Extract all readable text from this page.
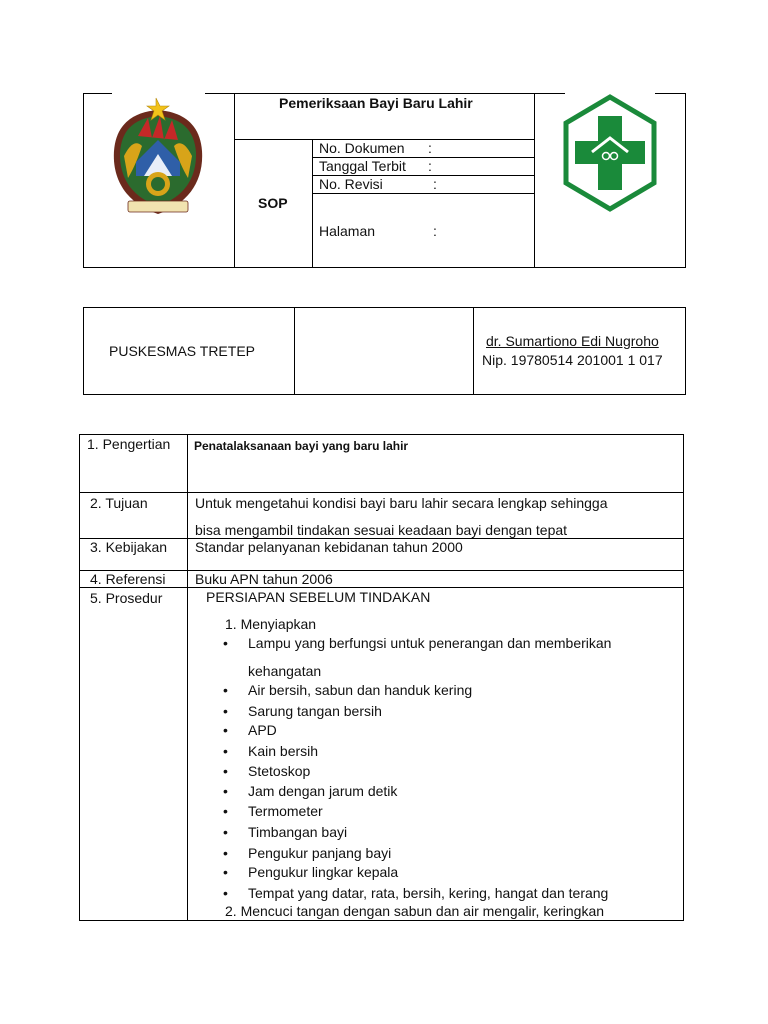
Pemeriksaan Bayi Baru Lahir
SOP
No. Dokumen :
Tanggal Terbit :
No. Revisi	:
Halaman	:
PUSKESMAS TRETEP
dr. Sumartiono Edi Nugroho
Nip. 19780514 201001 1 017
1. Pengertian Penatalaksanaan bayi yang baru lahir
2. Tujuan	Untuk mengetahui kondisi bayi baru lahir secara lengkap sehingga
bisa mengambil tindakan sesuai keadaan bayi dengan tepat
3. Kebijakan Standar pelanyanan kebidanan tahun 2000
4. Referensi Buku APN tahun 2006
5. Prosedur	PERSIAPAN SEBELUM TINDAKAN
1. Menyiapkan
• Lampu yang berfungsi untuk penerangan dan memberikan
kehangatan
• Air bersih, sabun dan handuk kering
• Sarung tangan bersih
• APD
• Kain bersih
• Stetoskop
• Jam dengan jarum detik
• Termometer
• Timbangan bayi
• Pengukur panjang bayi
• Pengukur lingkar kepala
• Tempat yang datar, rata, bersih, kering, hangat dan terang
2. Mencuci tangan dengan sabun dan air mengalir, keringkan
